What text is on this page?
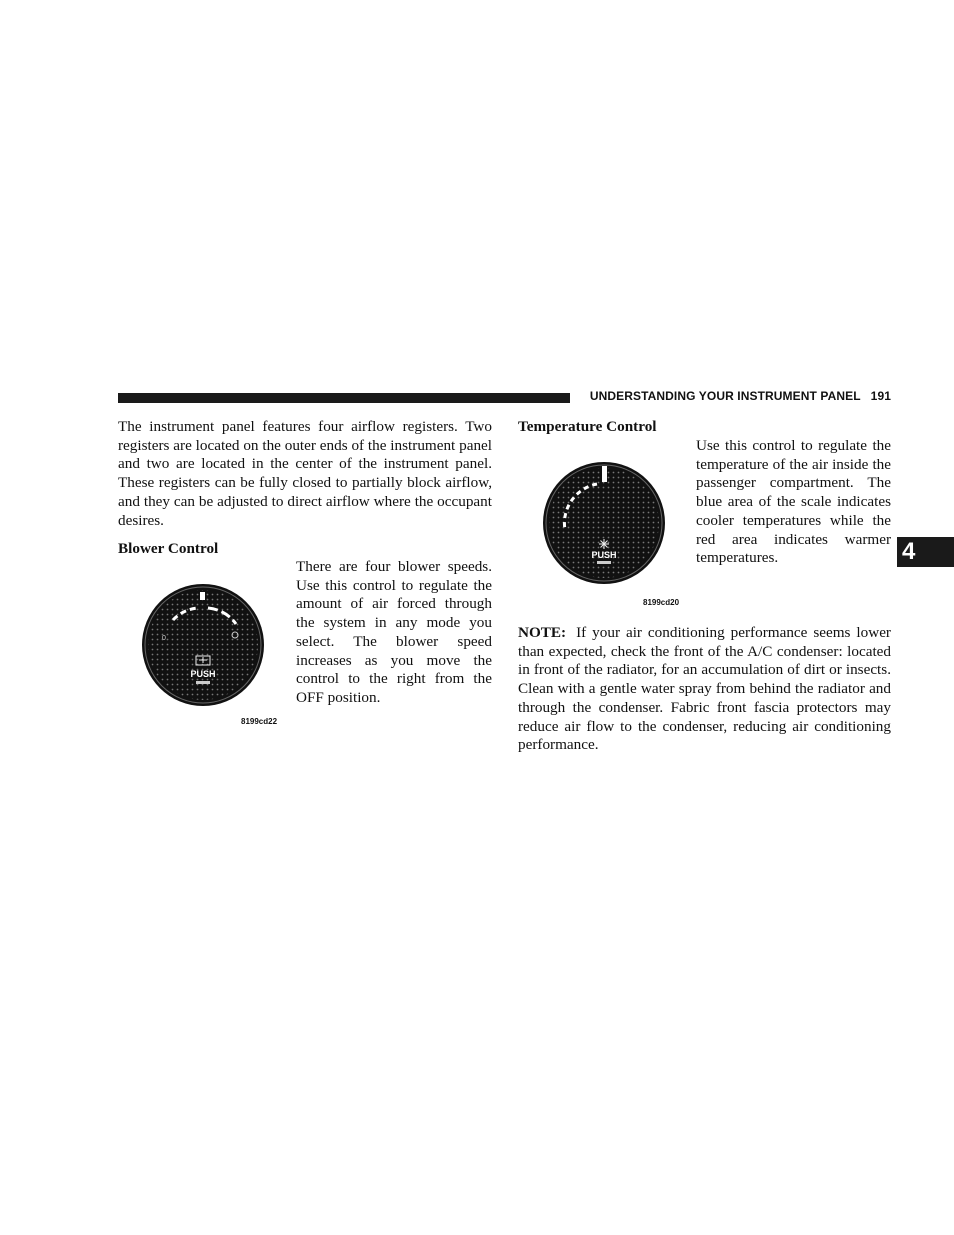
UNDERSTANDING YOUR INSTRUMENT PANEL 191
4

The instrument panel features four airflow registers. Two registers are located on the outer ends of the instrument panel and two are located in the center of the instrument panel. These registers can be fully closed to partially block airflow, and they can be adjusted to direct airflow where the occupant desires.

Blower Control

There are four blower speeds. Use this control to regulate the amount of air forced through the system in any mode you select. The blower speed increases as you move the control to the right from the OFF position.

0
PUSH
8199cd22
Temperature Control

Use this control to regulate the temperature of the air inside the passenger compartment. The blue area of the scale indicates cooler temperatures while the red area indicates warmer temperatures.

PUSH
8199cd20

NOTE: If your air conditioning performance seems lower than expected, check the front of the A/C condenser: located in front of the radiator, for an accumulation of dirt or insects. Clean with a gentle water spray from behind the radiator and through the condenser. Fabric front fascia protectors may reduce air flow to the condenser, reducing air conditioning performance.
